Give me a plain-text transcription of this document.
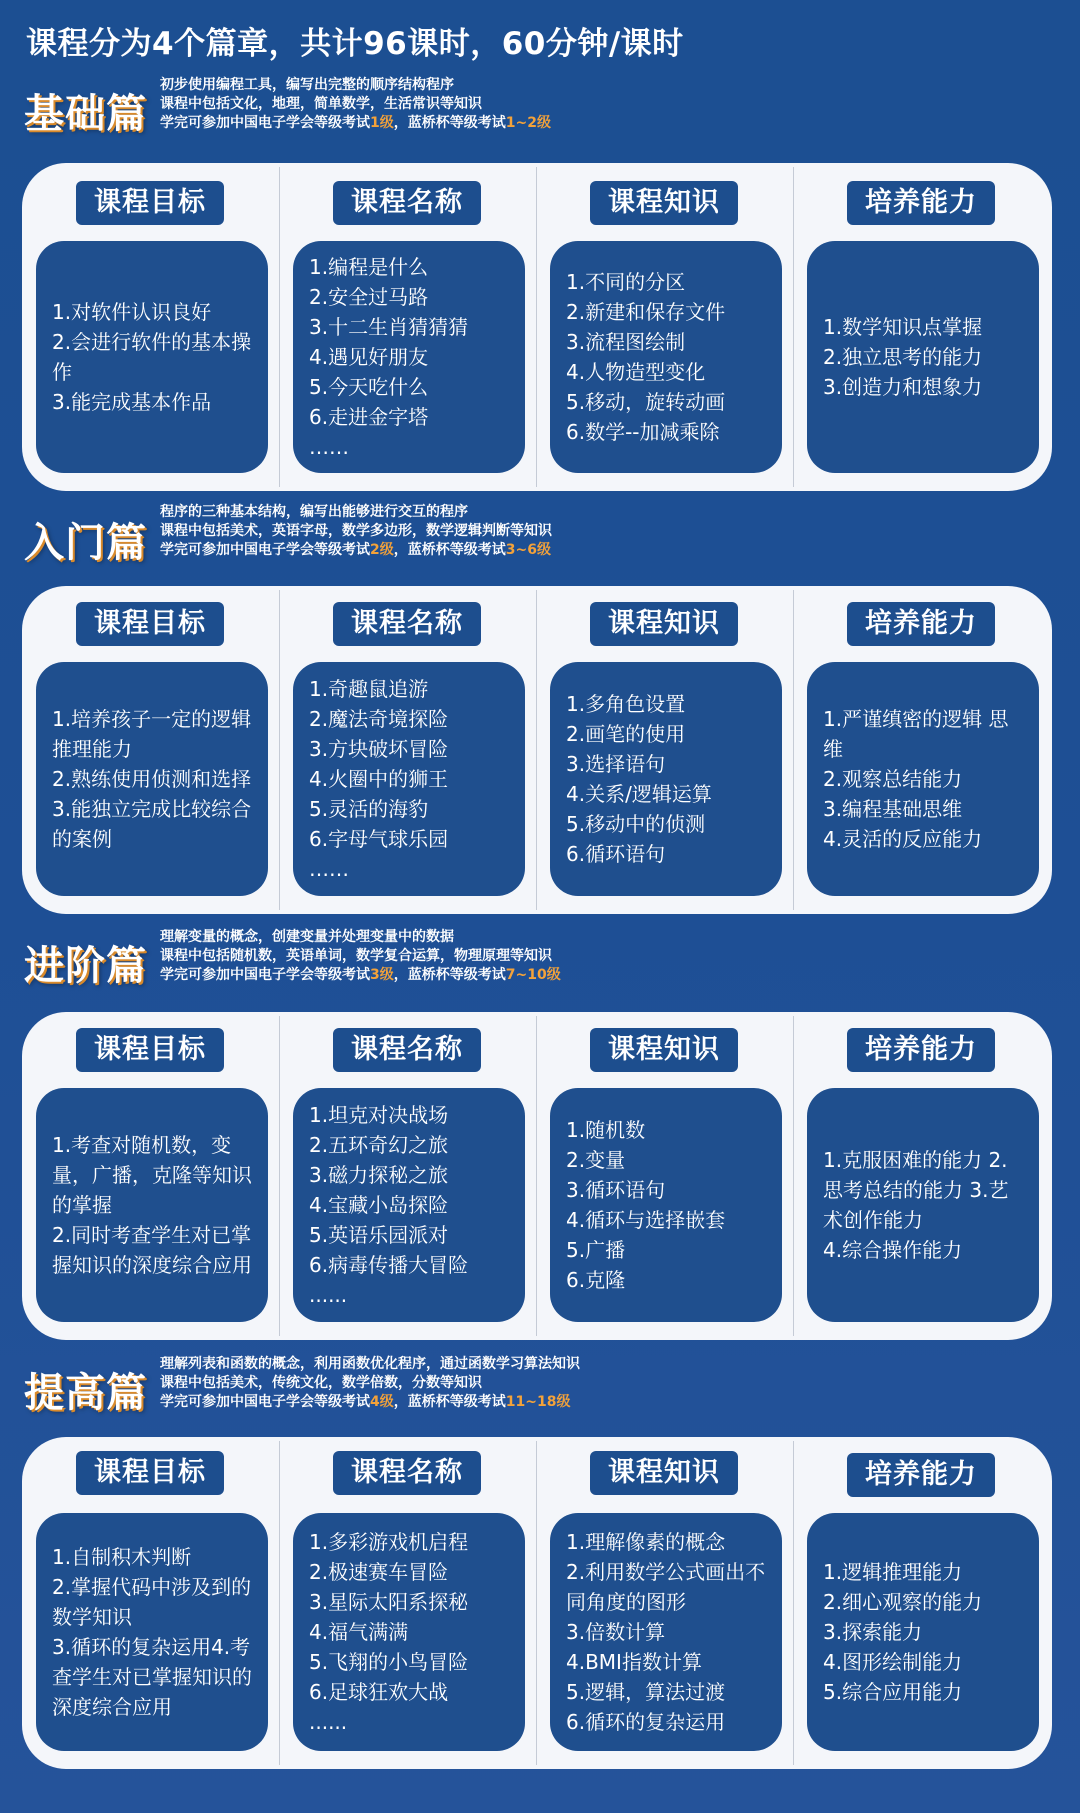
课程分为4个篇章，共计96课时，60分钟/课时
基础篇
初步使用编程工具，编写出完整的顺序结构程序
课程中包括文化，地理，简单数学，生活常识等知识
学完可参加中国电子学会等级考试1级，蓝桥杯等级考试1~2级
课程目标
1.对软件认识良好
2.会进行软件的基本操作
3.能完成基本作品
课程名称
1.编程是什么
2.安全过马路
3.十二生肖猜猜猜
4.遇见好朋友
5.今天吃什么
6.走进金字塔
……
课程知识
1.不同的分区
2.新建和保存文件
3.流程图绘制
4.人物造型变化
5.移动，旋转动画
6.数学--加减乘除
培养能力
1.数学知识点掌握
2.独立思考的能力
3.创造力和想象力
入门篇
程序的三种基本结构，编写出能够进行交互的程序
课程中包括美术，英语字母，数学多边形，数学逻辑判断等知识
学完可参加中国电子学会等级考试2级，蓝桥杯等级考试3~6级
课程目标
1.培养孩子一定的逻辑推理能力
2.熟练使用侦测和选择
3.能独立完成比较综合的案例
课程名称
1.奇趣鼠追游
2.魔法奇境探险
3.方块破坏冒险
4.火圈中的狮王
5.灵活的海豹
6.字母气球乐园
……
课程知识
1.多角色设置
2.画笔的使用
3.选择语句
4.关系/逻辑运算
5.移动中的侦测
6.循环语句
培养能力
1.严谨缜密的逻辑 思维
2.观察总结能力
3.编程基础思维
4.灵活的反应能力
进阶篇
理解变量的概念，创建变量并处理变量中的数据
课程中包括随机数，英语单词，数学复合运算，物理原理等知识
学完可参加中国电子学会等级考试3级，蓝桥杯等级考试7~10级
课程目标
1.考查对随机数，变量，广播，克隆等知识的掌握
2.同时考查学生对已掌握知识的深度综合应用
课程名称
1.坦克对决战场
2.五环奇幻之旅
3.磁力探秘之旅
4.宝藏小岛探险
5.英语乐园派对
6.病毒传播大冒险
......
课程知识
1.随机数
2.变量
3.循环语句
4.循环与选择嵌套
5.广播
6.克隆
培养能力
1.克服困难的能力 2.思考总结的能力 3.艺术创作能力
4.综合操作能力
提高篇
理解列表和函数的概念，利用函数优化程序，通过函数学习算法知识
课程中包括美术，传统文化，数学倍数，分数等知识
学完可参加中国电子学会等级考试4级，蓝桥杯等级考试11~18级
课程目标
1.自制积木判断
2.掌握代码中涉及到的数学知识
3.循环的复杂运用4.考查学生对已掌握知识的深度综合应用
课程名称
1.多彩游戏机启程
2.极速赛车冒险
3.星际太阳系探秘
4.福气满满
5.飞翔的小鸟冒险
6.足球狂欢大战
......
课程知识
1.理解像素的概念
2.利用数学公式画出不同角度的图形
3.倍数计算
4.BMI指数计算
5.逻辑，算法过渡
6.循环的复杂运用
培养能力
1.逻辑推理能力
2.细心观察的能力
3.探索能力
4.图形绘制能力
5.综合应用能力
